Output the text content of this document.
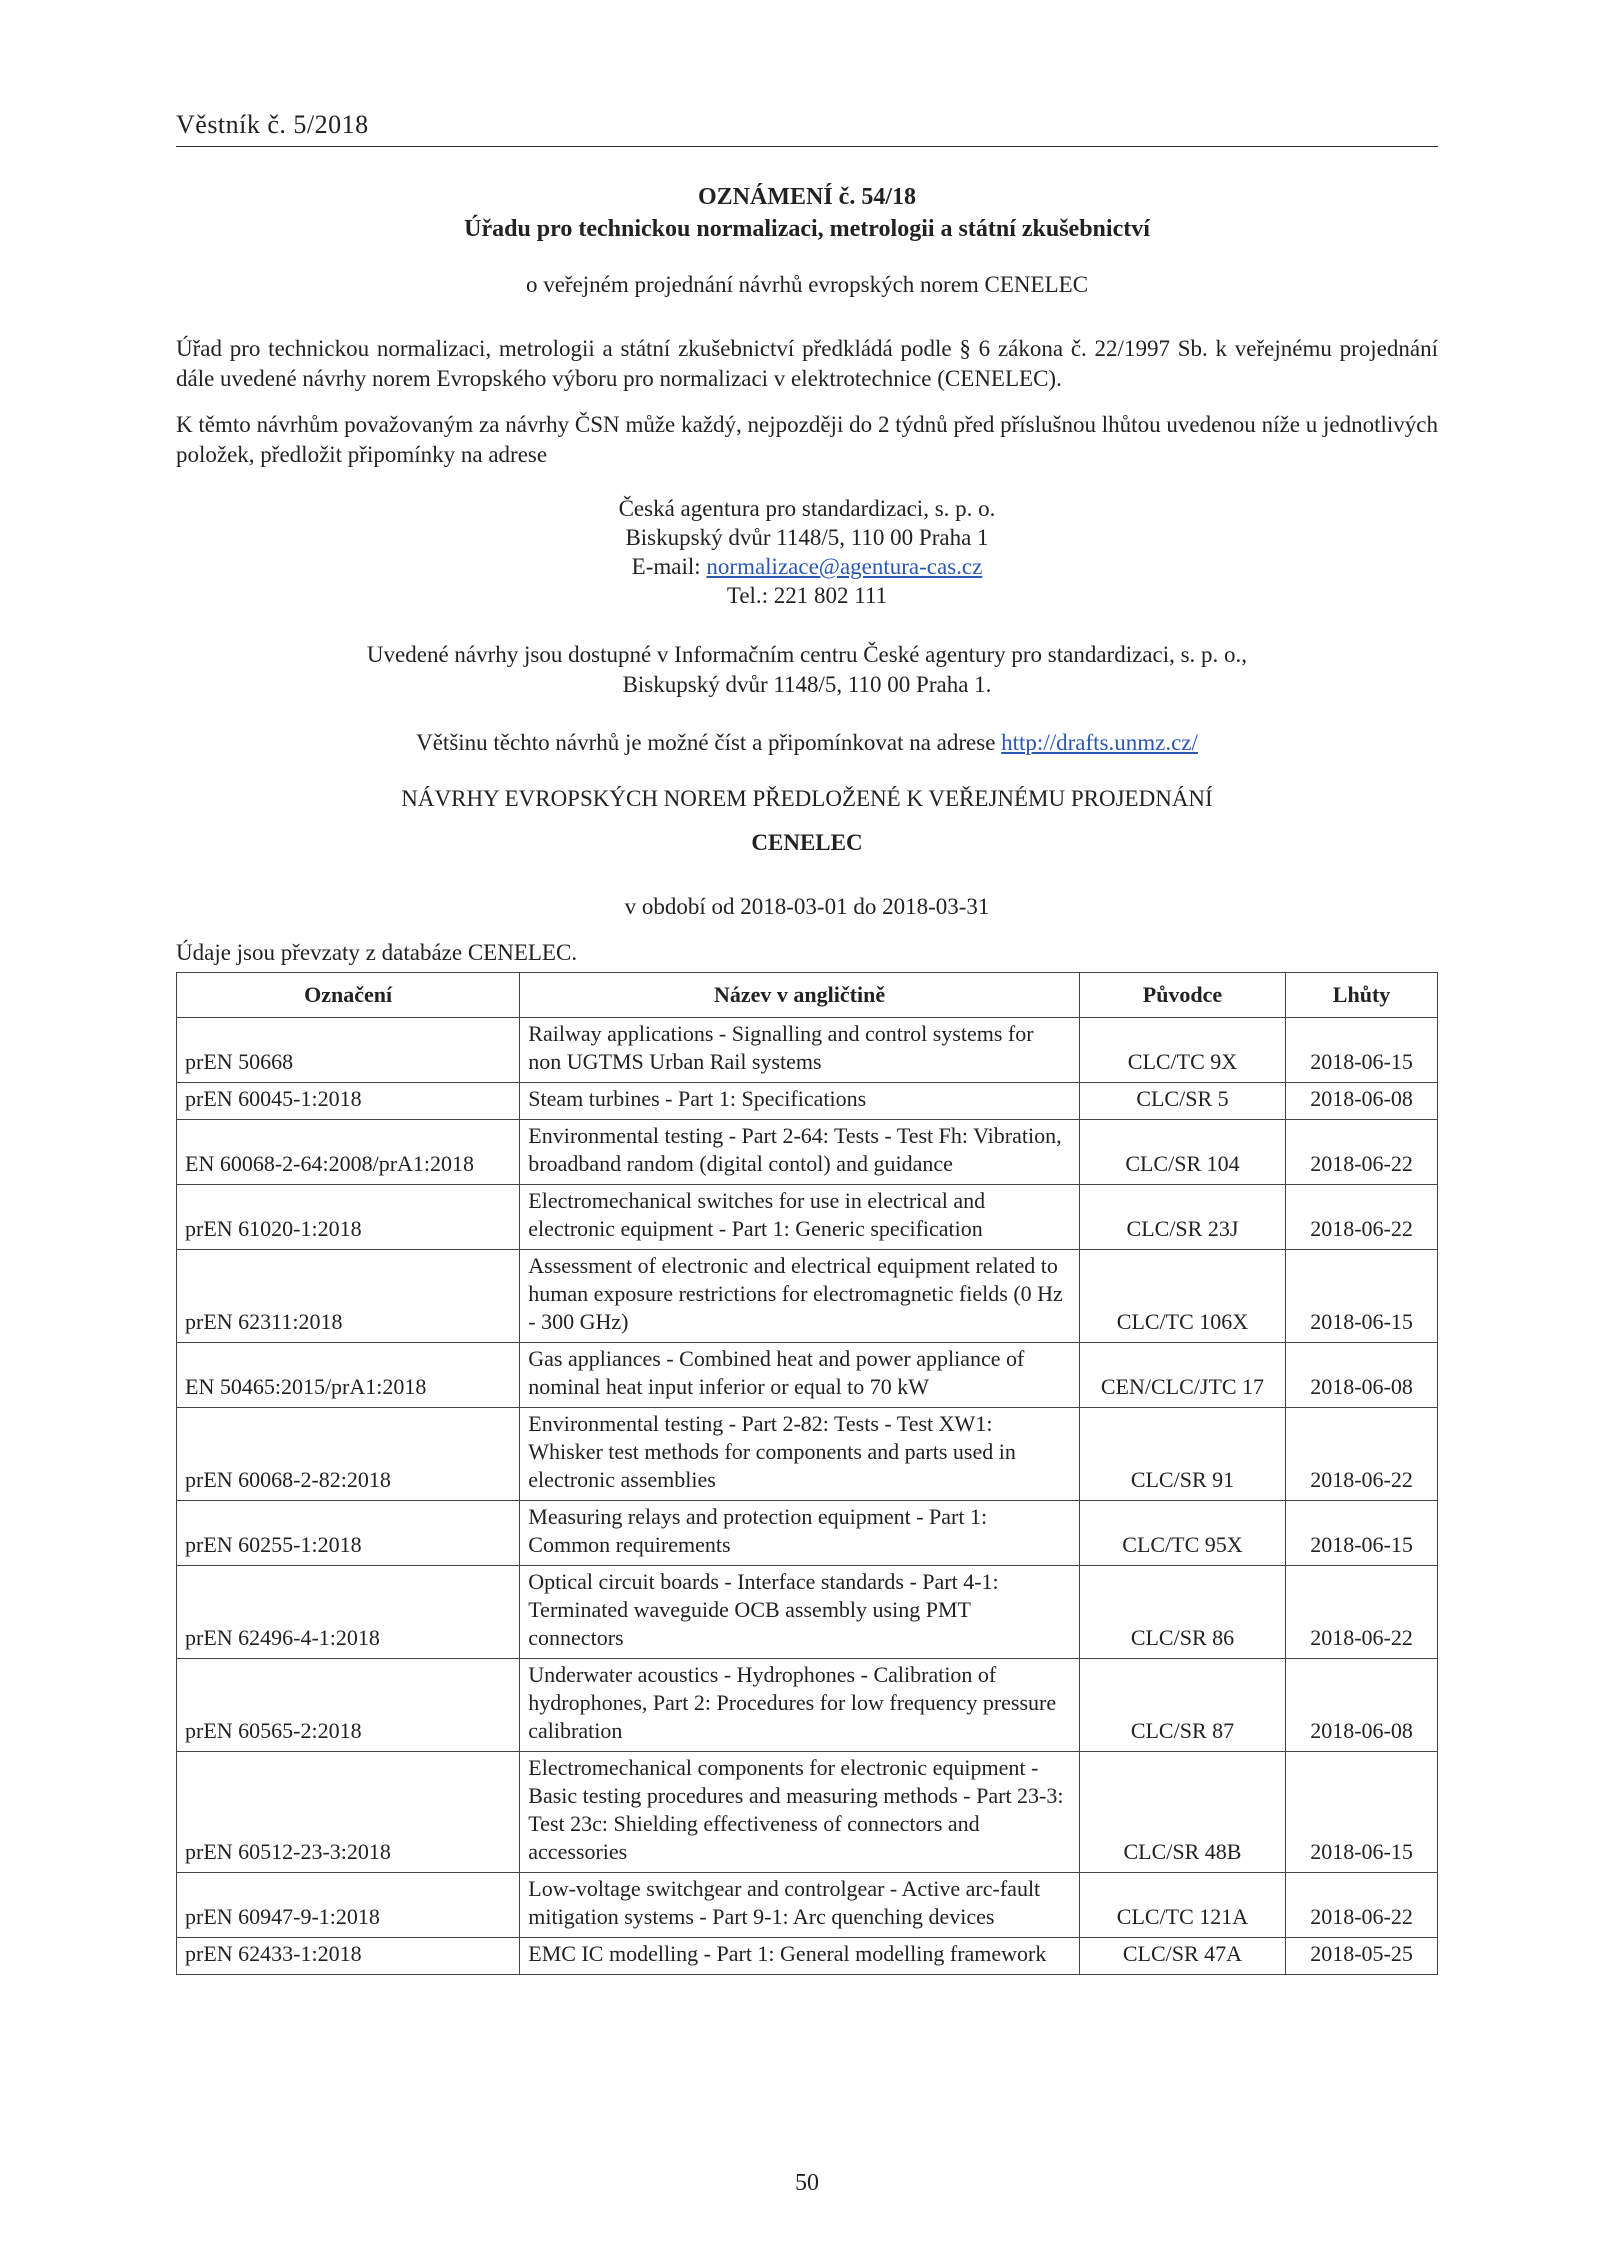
Věstník č. 5/2018
OZNÁMENÍ č. 54/18
Úřadu pro technickou normalizaci, metrologii a státní zkušebnictví
o veřejném projednání návrhů evropských norem CENELEC
Úřad pro technickou normalizaci, metrologii a státní zkušebnictví předkládá podle § 6 zákona č. 22/1997 Sb. k veřejnému projednání dále uvedené návrhy norem Evropského výboru pro normalizaci v elektrotechnice (CENELEC).
K těmto návrhům považovaným za návrhy ČSN může každý, nejpozději do 2 týdnů před příslušnou lhůtou uvedenou níže u jednotlivých položek, předložit připomínky na adrese
Česká agentura pro standardizaci, s. p. o.
Biskupský dvůr 1148/5, 110 00 Praha 1
E-mail: normalizace@agentura-cas.cz
Tel.: 221 802 111
Uvedené návrhy jsou dostupné v Informačním centru České agentury pro standardizaci, s. p. o.,
Biskupský dvůr 1148/5, 110 00 Praha 1.
Většinu těchto návrhů je možné číst a připomínkovat na adrese http://drafts.unmz.cz/
NÁVRHY EVROPSKÝCH NOREM PŘEDLOŽENÉ K VEŘEJNÉMU PROJEDNÁNÍ
CENELEC
v období od 2018-03-01 do 2018-03-31
Údaje jsou převzaty z databáze CENELEC.
Označení	Název v angličtině	Původce	Lhůty
prEN 50668	Railway applications - Signalling and control systems for non UGTMS Urban Rail systems	CLC/TC 9X	2018-06-15
prEN 60045-1:2018	Steam turbines - Part 1: Specifications	CLC/SR 5	2018-06-08
EN 60068-2-64:2008/prA1:2018	Environmental testing - Part 2-64: Tests - Test Fh: Vibration, broadband random (digital contol) and guidance	CLC/SR 104	2018-06-22
prEN 61020-1:2018	Electromechanical switches for use in electrical and electronic equipment - Part 1: Generic specification	CLC/SR 23J	2018-06-22
prEN 62311:2018	Assessment of electronic and electrical equipment related to human exposure restrictions for electromagnetic fields (0 Hz - 300 GHz)	CLC/TC 106X	2018-06-15
EN 50465:2015/prA1:2018	Gas appliances - Combined heat and power appliance of nominal heat input inferior or equal to 70 kW	CEN/CLC/JTC 17	2018-06-08
prEN 60068-2-82:2018	Environmental testing - Part 2-82: Tests - Test XW1: Whisker test methods for components and parts used in electronic assemblies	CLC/SR 91	2018-06-22
prEN 60255-1:2018	Measuring relays and protection equipment - Part 1: Common requirements	CLC/TC 95X	2018-06-15
prEN 62496-4-1:2018	Optical circuit boards - Interface standards - Part 4-1: Terminated waveguide OCB assembly using PMT connectors	CLC/SR 86	2018-06-22
prEN 60565-2:2018	Underwater acoustics - Hydrophones - Calibration of hydrophones, Part 2: Procedures for low frequency pressure calibration	CLC/SR 87	2018-06-08
prEN 60512-23-3:2018	Electromechanical components for electronic equipment - Basic testing procedures and measuring methods - Part 23-3: Test 23c: Shielding effectiveness of connectors and accessories	CLC/SR 48B	2018-06-15
prEN 60947-9-1:2018	Low-voltage switchgear and controlgear - Active arc-fault mitigation systems - Part 9-1: Arc quenching devices	CLC/TC 121A	2018-06-22
prEN 62433-1:2018	EMC IC modelling - Part 1: General modelling framework	CLC/SR 47A	2018-05-25
50
